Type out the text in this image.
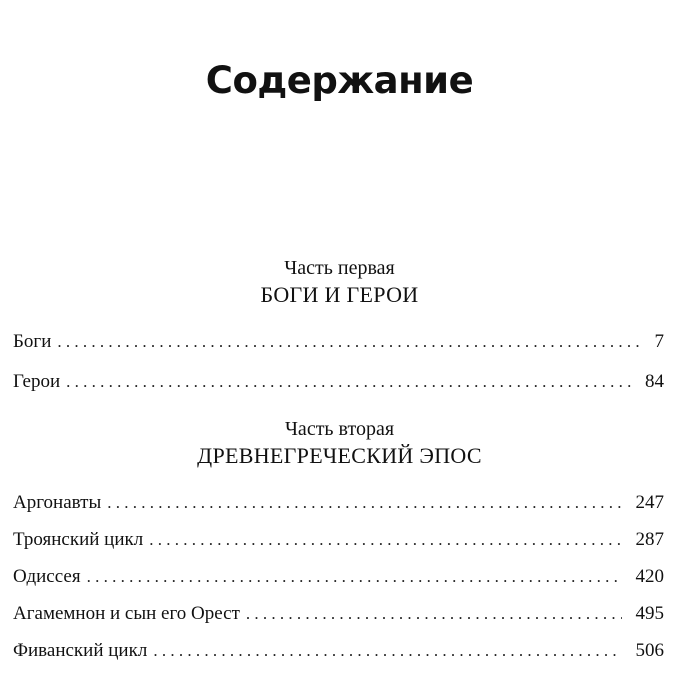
Содержание
Часть первая
БОГИ И ГЕРОИ
Боги . . .	7
Герои . . .	84
Часть вторая
ДРЕВНЕГРЕЧЕСКИЙ ЭПОС
Аргонавты . . .	247
Троянский цикл . . .	287
Одиссея . . .	420
Агамемнон и сын его Орест . . .	495
Фиванский цикл . . .	506
